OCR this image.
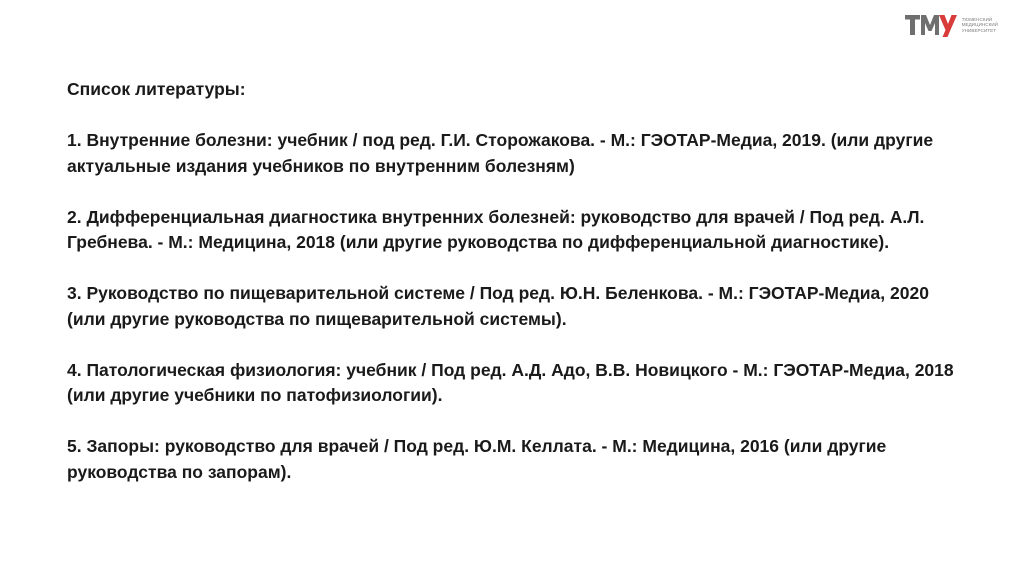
ТЮМЕНСКИЙ
МЕДИЦИНСКИЙ
УНИВЕРСИТЕТ
Список литературы:
1. Внутренние болезни: учебник / под ред. Г.И. Сторожакова. - М.: ГЭОТАР-Медиа, 2019. (или другие актуальные издания учебников по внутренним болезням)
2. Дифференциальная диагностика внутренних болезней: руководство для врачей / Под ред. А.Л. Гребнева. - М.: Медицина, 2018 (или другие руководства по дифференциальной диагностике).
3. Руководство по пищеварительной системе / Под ред. Ю.Н. Беленкова. - М.: ГЭОТАР-Медиа, 2020 (или другие руководства по пищеварительной системы).
4. Патологическая физиология: учебник / Под ред. А.Д. Адо, В.В. Новицкого - М.: ГЭОТАР-Медиа, 2018 (или другие учебники по патофизиологии).
5. Запоры: руководство для врачей / Под ред. Ю.М. Келлата. - М.: Медицина, 2016 (или другие руководства по запорам).
